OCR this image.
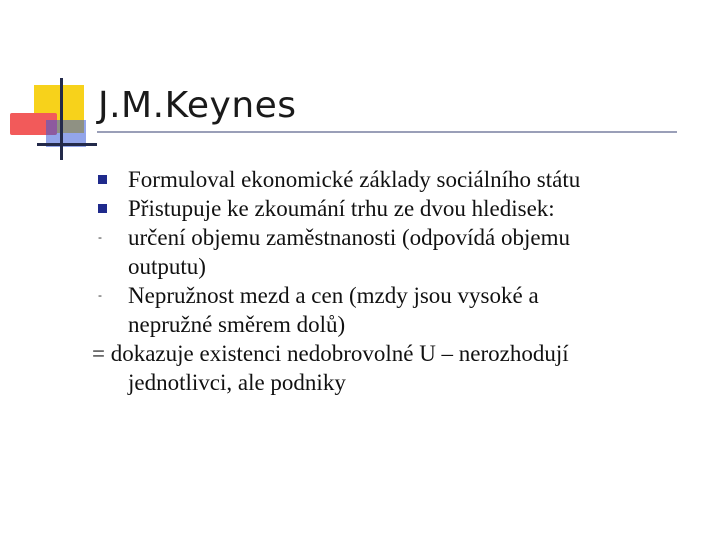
J.M.Keynes
Formuloval ekonomické základy sociálního státu
Přistupuje ke zkoumání trhu ze dvou hledisek:
- určení objemu zaměstnanosti (odpovídá objemu
outputu)
- Nepružnost mezd a cen (mzdy jsou vysoké a
nepružné směrem dolů)
= dokazuje existenci nedobrovolné U – nerozhodují
jednotlivci, ale podniky
